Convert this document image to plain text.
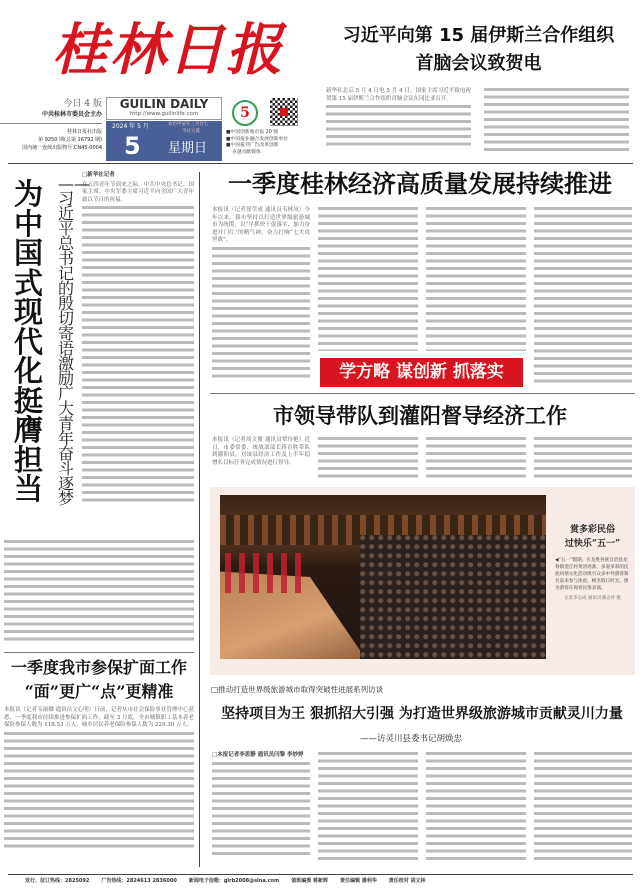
桂林日报
今日 4 版
中共桂林市委员会主办
桂林日报社出版
第 9250 期(总第 16792 期)
国内统一连续出版物号:CN45-0004
GUILIN DAILY
http://www.guilinlife.com
2024 年 5 月	农历甲辰年三月廿七
今日立夏
5 星期日
5
■中国创新地市报 20 强
■中国报业融合发展创新单位
■中国报刊广告改革创新
卓越贡献媒体
习近平向第 15 届伊斯兰合作组织
首脑会议致贺电
新华社北京 5 月 4 日电 5 月 4 日，国家主席习近平致电祝贺第 15 届伊斯兰合作组织首脑会议在冈比亚召开。
为中国式现代化挺膺担当
——习近平总书记的殷切寄语激励广大青年奋斗逐梦
□新华社记者
在五四青年节到来之际，中共中央总书记、国家主席、中央军委主席习近平向全国广大青年致以节日的祝福。
一季度我市参保扩面工作
“面”更广“点”更精准
本报讯（记者韦丽娜 通讯员文心明）日前，记者从市社会保险事业管理中心获悉，一季度我市持续推进参保扩面工作。截至 3 月底，全市城镇职工基本养老保险参保人数为 118.53 万人，城乡居民养老保险参保人数为 229.30 万人。
一季度桂林经济高质量发展持续推进
本报讯（记者徐莹成 通讯员韦林凤）今年以来，我市坚持以打造世界级旅游城市为统揽，以“早抓快干促落实、加力奋进开门红”的精气神，奋力打响“七大攻坚战”。
学方略 谋创新 抓落实
市领导带队到灌阳督导经济工作
本报讯（记者周文俊 通讯员覃玲艳）近日，市委常委、统战部部长蒋育胜带队到灌阳县，对该县经济工作及上半年稳增长目标任务完成情况进行督导。
赏多彩民俗
过快乐“五一”
◀“五一”假期，在龙胜各族自治县龙脊镇金江村黄洛瑶寨，多姿多彩的民族风情文化活动吸引众多中外游客慕名前来参与体验，畅享假日时光。图为游客在观看民俗表演。
记者李志成 通讯员潘志坪 摄
□推动打造世界级旅游城市取得突破性进展系列访谈
坚持项目为王 狠抓招大引强 为打造世界级旅游城市贡献灵川力量
——访灵川县委书记胡焕忠
□本报记者李思静 通讯员闫黎 李妙婷
发行、征订热线：2825092 广告热线：2824613 2836000 新闻电子信箱：glrb2008@sina.com 值班编委 蒋新晖 责任编辑 潘利华 责任校对 胡文林
